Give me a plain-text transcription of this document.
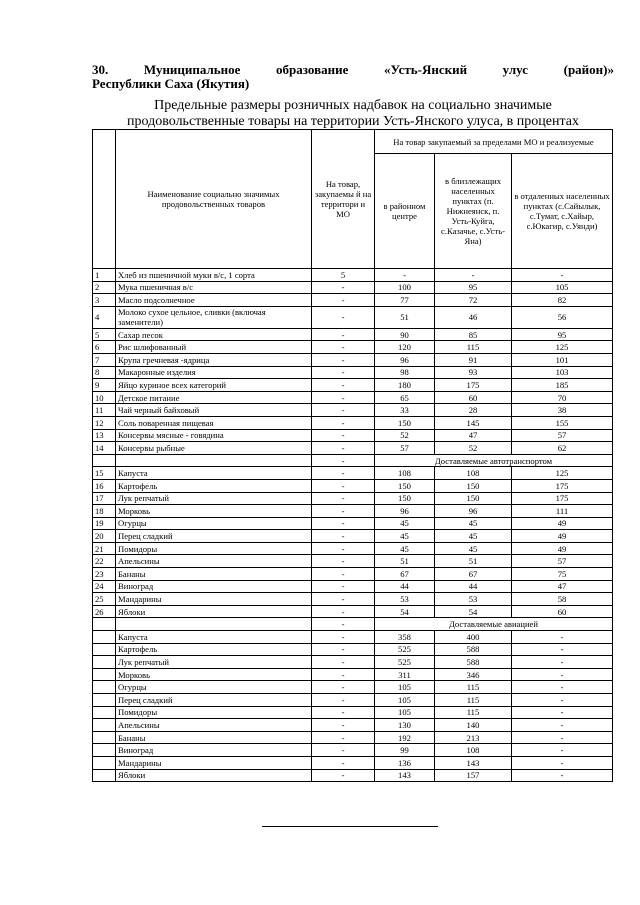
30.	Муниципальное	образование	«Усть-Янский	улус	(район)»
Республики Саха (Якутия)
Предельные размеры розничных надбавок на социально значимые
продовольственные товары на территории Усть-Янского улуса, в процентах
	Наименование социально значимых продовольственных товаров	На товар, закупаемы й на территори и МО	На товар закупаемый за пределами МО и реализуемые		
			в районном центре	в близлежащих населенных пунктах (п. Нижнеянск, п. Усть-Куйга, с.Казачье, с.Усть-Яна)	в отдаленных населенных пунктах (с.Сайылык, с.Тумат, с.Хайыр, с.Юкагир, с.Уянди)
1	Хлеб из пшеничной муки в/с, 1 сорта	5	-	-	-
2	Мука пшеничная в/с	-	100	95	105
3	Масло подсолнечное	-	77	72	82
4	Молоко сухое цельное, сливки (включая заменители)	-	51	46	56
5	Сахар песок	-	90	85	95
6	Рис шлифованный	-	120	115	125
7	Крупа гречневая -ядрица	-	96	91	101
8	Макаронные изделия	-	98	93	103
9	Яйцо куриное всех категорий	-	180	175	185
10	Детское питание	-	65	60	70
11	Чай черный байховый	-	33	28	38
12	Соль поваренная пищевая	-	150	145	155
13	Консервы мясные - говядина	-	52	47	57
14	Консервы рыбные	-	57	52	62
		-	Доставляемые автотранспортом		
15	Капуста	-	108	108	125
16	Картофель	-	150	150	175
17	Лук репчатый	-	150	150	175
18	Морковь	-	96	96	111
19	Огурцы	-	45	45	49
20	Перец сладкий	-	45	45	49
21	Помидоры	-	45	45	49
22	Апельсины	-	51	51	57
23	Бананы	-	67	67	75
24	Виноград	-	44	44	47
25	Мандарины	-	53	53	58
26	Яблоки	-	54	54	60
		-	Доставляемые авиацией		
	Капуста	-	358	400	-
	Картофель	-	525	588	-
	Лук репчатый	-	525	588	-
	Морковь	-	311	346	-
	Огурцы	-	105	115	-
	Перец сладкий	-	105	115	-
	Помидоры	-	105	115	-
	Апельсины	-	130	140	-
	Бананы	-	192	213	-
	Виноград	-	99	108	-
	Мандарины	-	136	143	-
	Яблоки	-	143	157	-
